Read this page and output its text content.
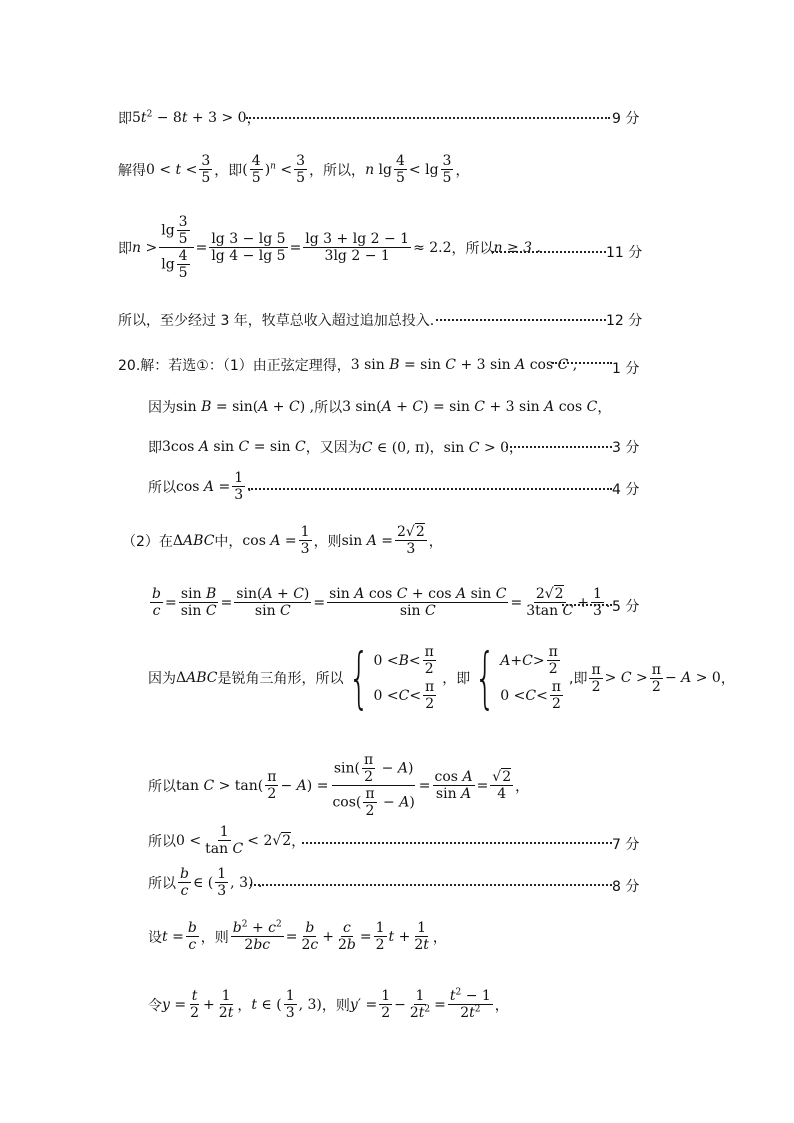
即 $5t^2 - 8t + 3 > 0$ ，	9 分
解得 $0 < t < \frac{3}{5}$ ，即 ( $\frac{4}{5} )^n < \frac{3}{5}$ ，所以， n $\lg \frac{4}{5} < \lg \frac{3}{5}$ ，
即 $n > \frac{\lg \frac{3}{5}}{\lg \frac{4}{5}} = \frac{\lg 3 - \lg 5}{\lg 4 - \lg 5} = \frac{\lg 3 + \lg 2 - 1}{3\lg 2 - 1} \approx 2.2$ ，所以 n ≥ 3 .	11 分
所以，至少经过 3 年，牧草总收入超过追加总投入.	12 分
20.解：若选①：（1）由正弦定理得， 3 sin B = sin C + 3 sin A cos C , 1 分
因为 sin B = sin(A + C) , 所以 3 sin(A + C) = sin C + 3 sin A cos C ，
即 3cos A sin C = sin C ，又因为 C ∈ (0, π)，sin C > 0 ，	3 分
所以 $\cos A = \frac{1}{3}$ .	4 分
（2）在 ΔABC 中， $\cos A = \frac{1}{3}$ ，则 $\sin A = \frac{2√2}{3}$ ，
$\frac{b}{c} = \frac{\text{sin B}}{\text{sin C}} = \frac{\sin(A + C)}{\text{sin C}} = \frac{\text{sin A cos C + cos A sin C}}{\text{sin C}} = \frac{2√2}{\text{3tan C}} + \frac{1}{3}$ . 5 分
因为 ΔABC 是锐角三角形，所以 { $0 < B < \frac{\pi}{2}$
$0 < C < \frac{\pi}{2}$ ，即 { $A + C > \frac{\pi}{2}$
$0 < C < \frac{\pi}{2}$ ,即 $\frac{\pi}{2} > C > \frac{\pi}{2} - A > 0$ ，
所以 $\tan C > \tan( \frac{\pi}{2} - A) = \frac{\sin( \frac{\pi}{2} - A)}{\cos( \frac{\pi}{2} - A)} = \frac{\text{cos A}}{\text{sin A}} = \frac{√2}{4}$ ，
所以 $0 < \frac{1}{\text{tan C}} < 2√2$ ，	7 分
所以 $\frac{b}{c}$ ∈ ( $\frac{1}{3}$ , 3) .	8 分
设 $t = \frac{b}{c}$ ，则 $\frac{b^2 + c^2}{2bc} = \frac{b}{2c} + \frac{c}{2b} = \frac{1}{2}$ $t + \frac{1}{2t}$ ，
令 $y = \frac{t}{2} + \frac{1}{2t}$ ， t ∈ ( $\frac{1}{3}$ , 3) ，则 $y' = \frac{1}{2} - \frac{1}{2t^2} = \frac{t^2 - 1}{2t^2}$ ，
